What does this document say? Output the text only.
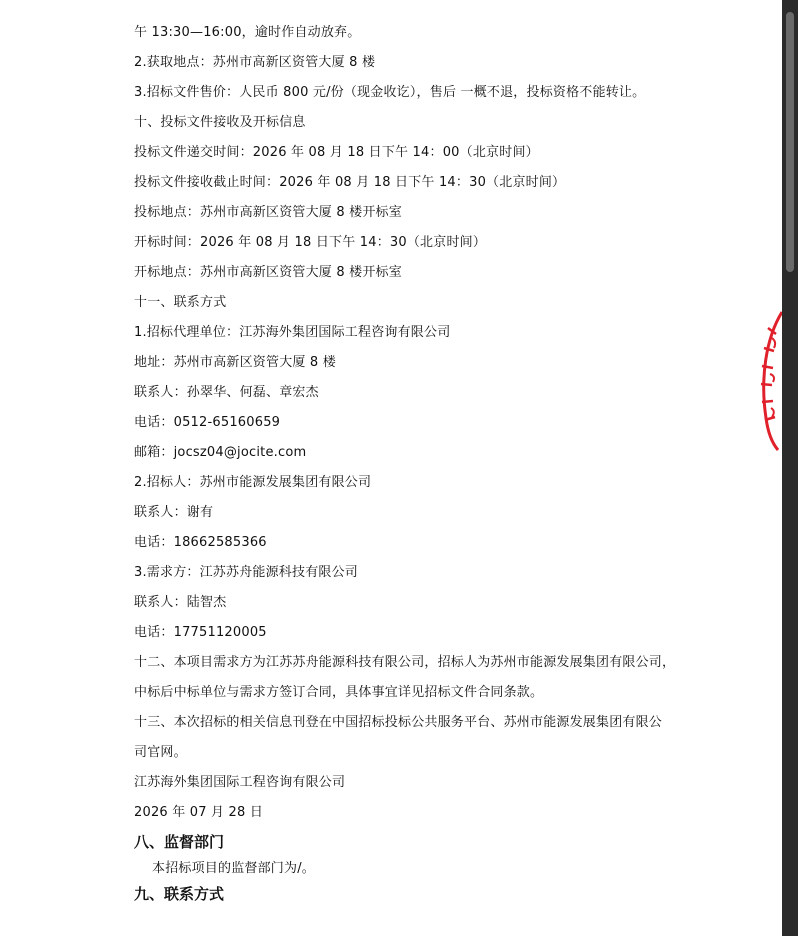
午 13:30—16:00，逾时作自动放弃。
2.获取地点：苏州市高新区资管大厦 8 楼
3.招标文件售价：人民币 800 元/份（现金收讫），售后 一概不退，投标资格不能转让。
十、投标文件接收及开标信息
投标文件递交时间：2026 年 08 月 18 日下午 14：00（北京时间）
投标文件接收截止时间：2026 年 08 月 18 日下午 14：30（北京时间）
投标地点：苏州市高新区资管大厦 8 楼开标室
开标时间：2026 年 08 月 18 日下午 14：30（北京时间）
开标地点：苏州市高新区资管大厦 8 楼开标室
十一、联系方式
1.招标代理单位：江苏海外集团国际工程咨询有限公司
地址：苏州市高新区资管大厦 8 楼
联系人：孙翠华、何磊、章宏杰
电话：0512-65160659
邮箱：jocsz04@jocite.com
2.招标人：苏州市能源发展集团有限公司
联系人：谢有
电话：18662585366
3.需求方：江苏苏舟能源科技有限公司
联系人：陆智杰
电话：17751120005
十二、本项目需求方为江苏苏舟能源科技有限公司，招标人为苏州市能源发展集团有限公司，
中标后中标单位与需求方签订合同，具体事宜详见招标文件合同条款。
十三、本次招标的相关信息刊登在中国招标投标公共服务平台、苏州市能源发展集团有限公
司官网。
江苏海外集团国际工程咨询有限公司
2026 年 07 月 28 日
八、监督部门
本招标项目的监督部门为/。
九、联系方式
